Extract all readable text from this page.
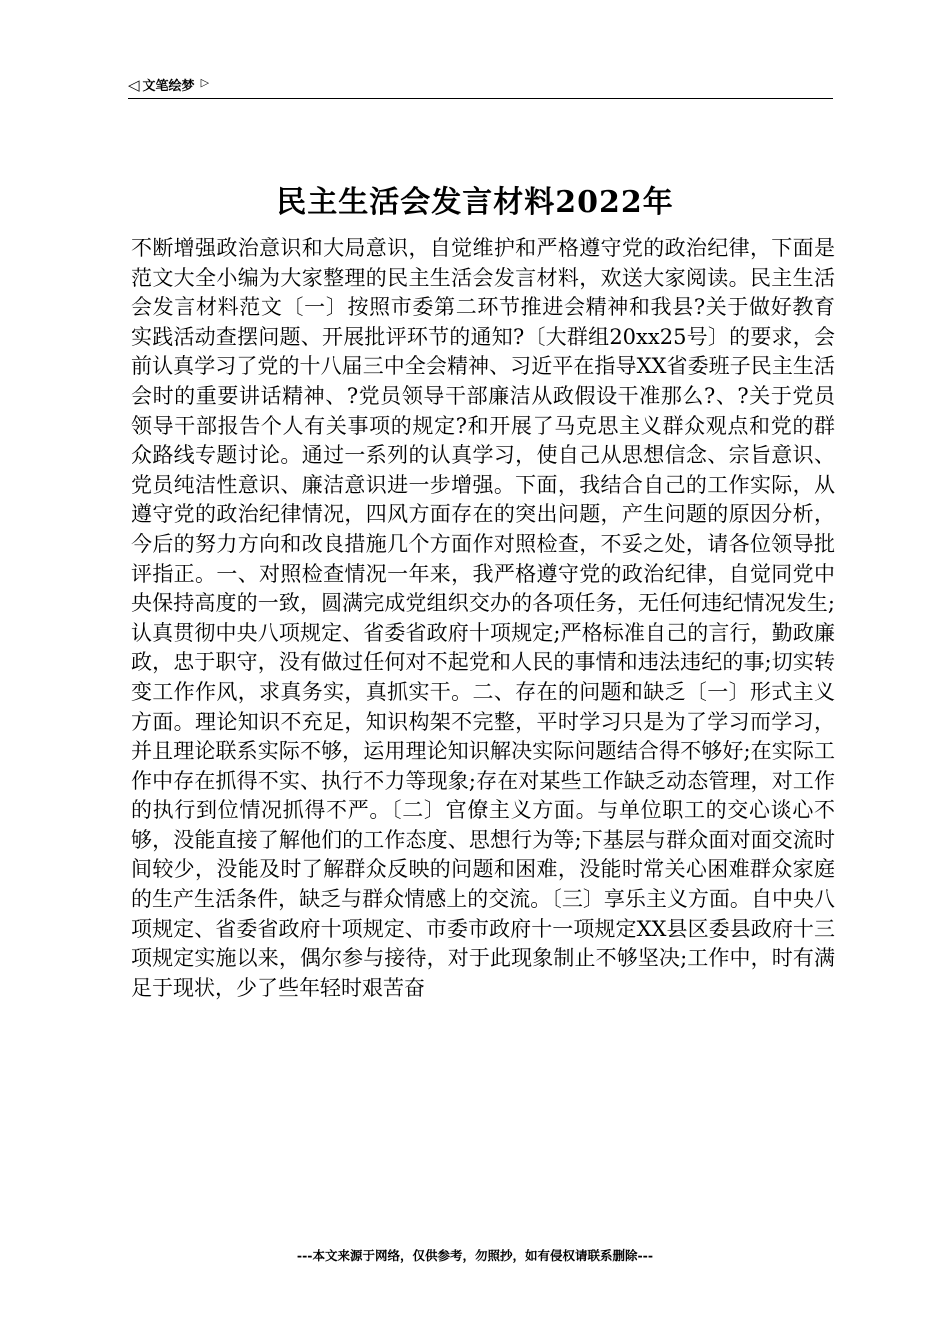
◁ 文笔绘梦 ▷
民主生活会发言材料2022年
不断增强政治意识和大局意识，自觉维护和严格遵守党的政治纪律，下面是范文大全小编为大家整理的民主生活会发言材料，欢送大家阅读。民主生活会发言材料范文〔一〕按照市委第二环节推进会精神和我县?关于做好教育实践活动查摆问题、开展批评环节的通知?〔大群组20xx25号〕的要求，会前认真学习了党的十八届三中全会精神、习近平在指导XX省委班子民主生活会时的重要讲话精神、?党员领导干部廉洁从政假设干准那么?、?关于党员领导干部报告个人有关事项的规定?和开展了马克思主义群众观点和党的群众路线专题讨论。通过一系列的认真学习，使自己从思想信念、宗旨意识、党员纯洁性意识、廉洁意识进一步增强。下面，我结合自己的工作实际，从遵守党的政治纪律情况，四风方面存在的突出问题，产生问题的原因分析，今后的努力方向和改良措施几个方面作对照检查，不妥之处，请各位领导批评指正。一、对照检查情况一年来，我严格遵守党的政治纪律，自觉同党中央保持高度的一致，圆满完成党组织交办的各项任务，无任何违纪情况发生;认真贯彻中央八项规定、省委省政府十项规定;严格标准自己的言行，勤政廉政，忠于职守，没有做过任何对不起党和人民的事情和违法违纪的事;切实转变工作作风，求真务实，真抓实干。二、存在的问题和缺乏〔一〕形式主义方面。理论知识不充足，知识构架不完整，平时学习只是为了学习而学习，并且理论联系实际不够，运用理论知识解决实际问题结合得不够好;在实际工作中存在抓得不实、执行不力等现象;存在对某些工作缺乏动态管理，对工作的执行到位情况抓得不严。〔二〕官僚主义方面。与单位职工的交心谈心不够，没能直接了解他们的工作态度、思想行为等;下基层与群众面对面交流时间较少，没能及时了解群众反映的问题和困难，没能时常关心困难群众家庭的生产生活条件，缺乏与群众情感上的交流。〔三〕享乐主义方面。自中央八项规定、省委省政府十项规定、市委市政府十一项规定XX县区委县政府十三项规定实施以来，偶尔参与接待，对于此现象制止不够坚决;工作中，时有满足于现状，少了些年轻时艰苦奋
---本文来源于网络，仅供参考，勿照抄，如有侵权请联系删除---
